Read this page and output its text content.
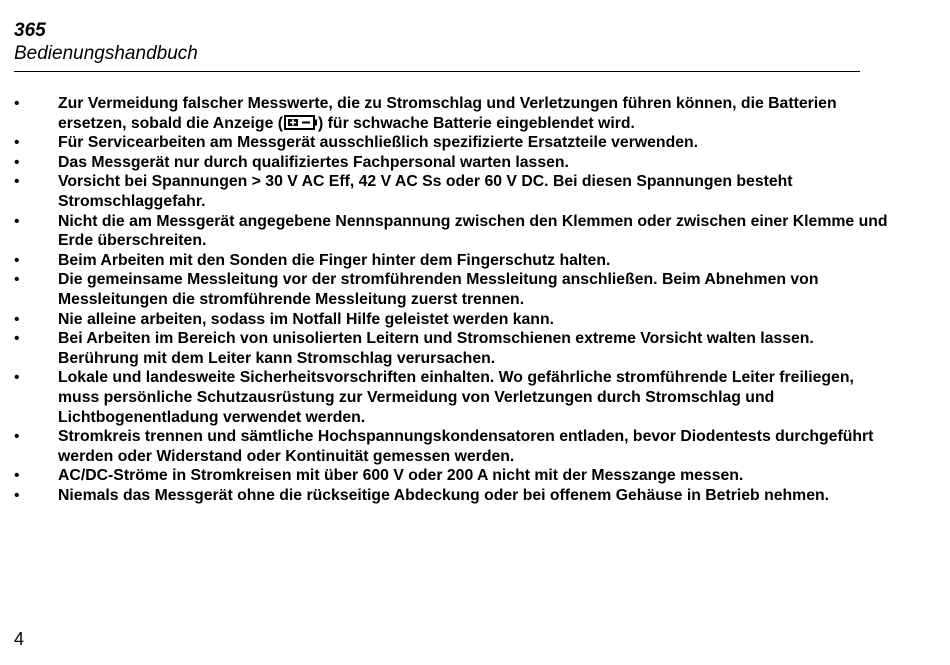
365
Bedienungshandbuch
•	Zur Vermeidung falscher Messwerte, die zu Stromschlag und Verletzungen führen können, die Batterien ersetzen, sobald die Anzeige ( ) für schwache Batterie eingeblendet wird.
•	Für Servicearbeiten am Messgerät ausschließlich spezifizierte Ersatzteile verwenden.
•	Das Messgerät nur durch qualifiziertes Fachpersonal warten lassen.
•	Vorsicht bei Spannungen > 30 V AC Eff, 42 V AC Ss oder 60 V DC. Bei diesen Spannungen besteht Stromschlaggefahr.
•	Nicht die am Messgerät angegebene Nennspannung zwischen den Klemmen oder zwischen einer Klemme und Erde überschreiten.
•	Beim Arbeiten mit den Sonden die Finger hinter dem Fingerschutz halten.
•	Die gemeinsame Messleitung vor der stromführenden Messleitung anschließen. Beim Abnehmen von Messleitungen die stromführende Messleitung zuerst trennen.
•	Nie alleine arbeiten, sodass im Notfall Hilfe geleistet werden kann.
•	Bei Arbeiten im Bereich von unisolierten Leitern und Stromschienen extreme Vorsicht walten lassen. Berührung mit dem Leiter kann Stromschlag verursachen.
•	Lokale und landesweite Sicherheitsvorschriften einhalten. Wo gefährliche stromführende Leiter freiliegen, muss persönliche Schutzausrüstung zur Vermeidung von Verletzungen durch Stromschlag und Lichtbogenentladung verwendet werden.
•	Stromkreis trennen und sämtliche Hochspannungskondensatoren entladen, bevor Diodentests durchgeführt werden oder Widerstand oder Kontinuität gemessen werden.
•	AC/DC-Ströme in Stromkreisen mit über 600 V oder 200 A nicht mit der Messzange messen.
•	Niemals das Messgerät ohne die rückseitige Abdeckung oder bei offenem Gehäuse in Betrieb nehmen.
4
